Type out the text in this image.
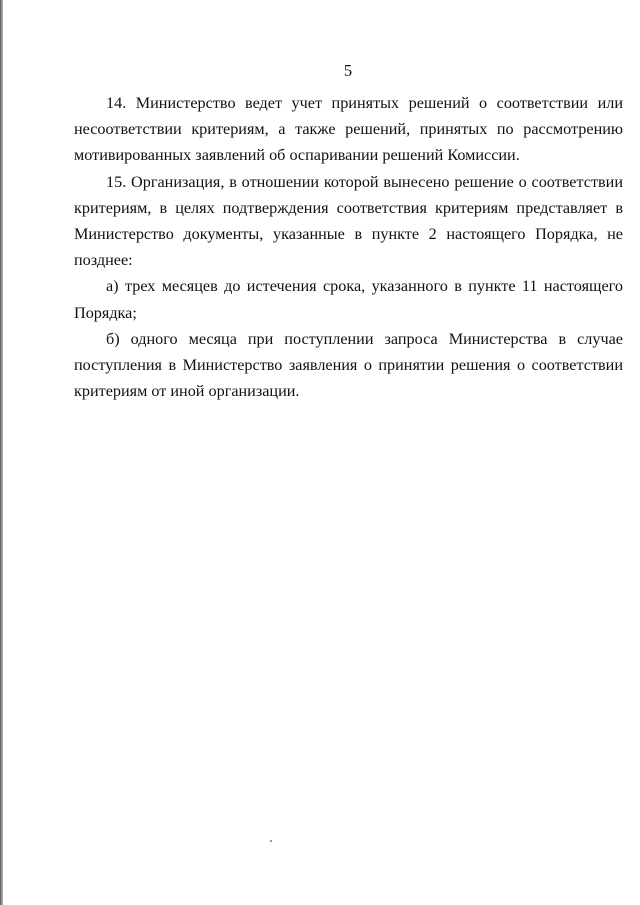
5

14. Министерство ведет учет принятых решений о соответствии или несоответствии критериям, а также решений, принятых по рассмотрению мотивированных заявлений об оспаривании решений Комиссии.

15. Организация, в отношении которой вынесено решение о соответствии критериям, в целях подтверждения соответствия критериям представляет в Министерство документы, указанные в пункте 2 настоящего Порядка, не позднее:

а) трех месяцев до истечения срока, указанного в пункте 11 настоящего Порядка;

б) одного месяца при поступлении запроса Министерства в случае поступления в Министерство заявления о принятии решения о соответствии критериям от иной организации.
